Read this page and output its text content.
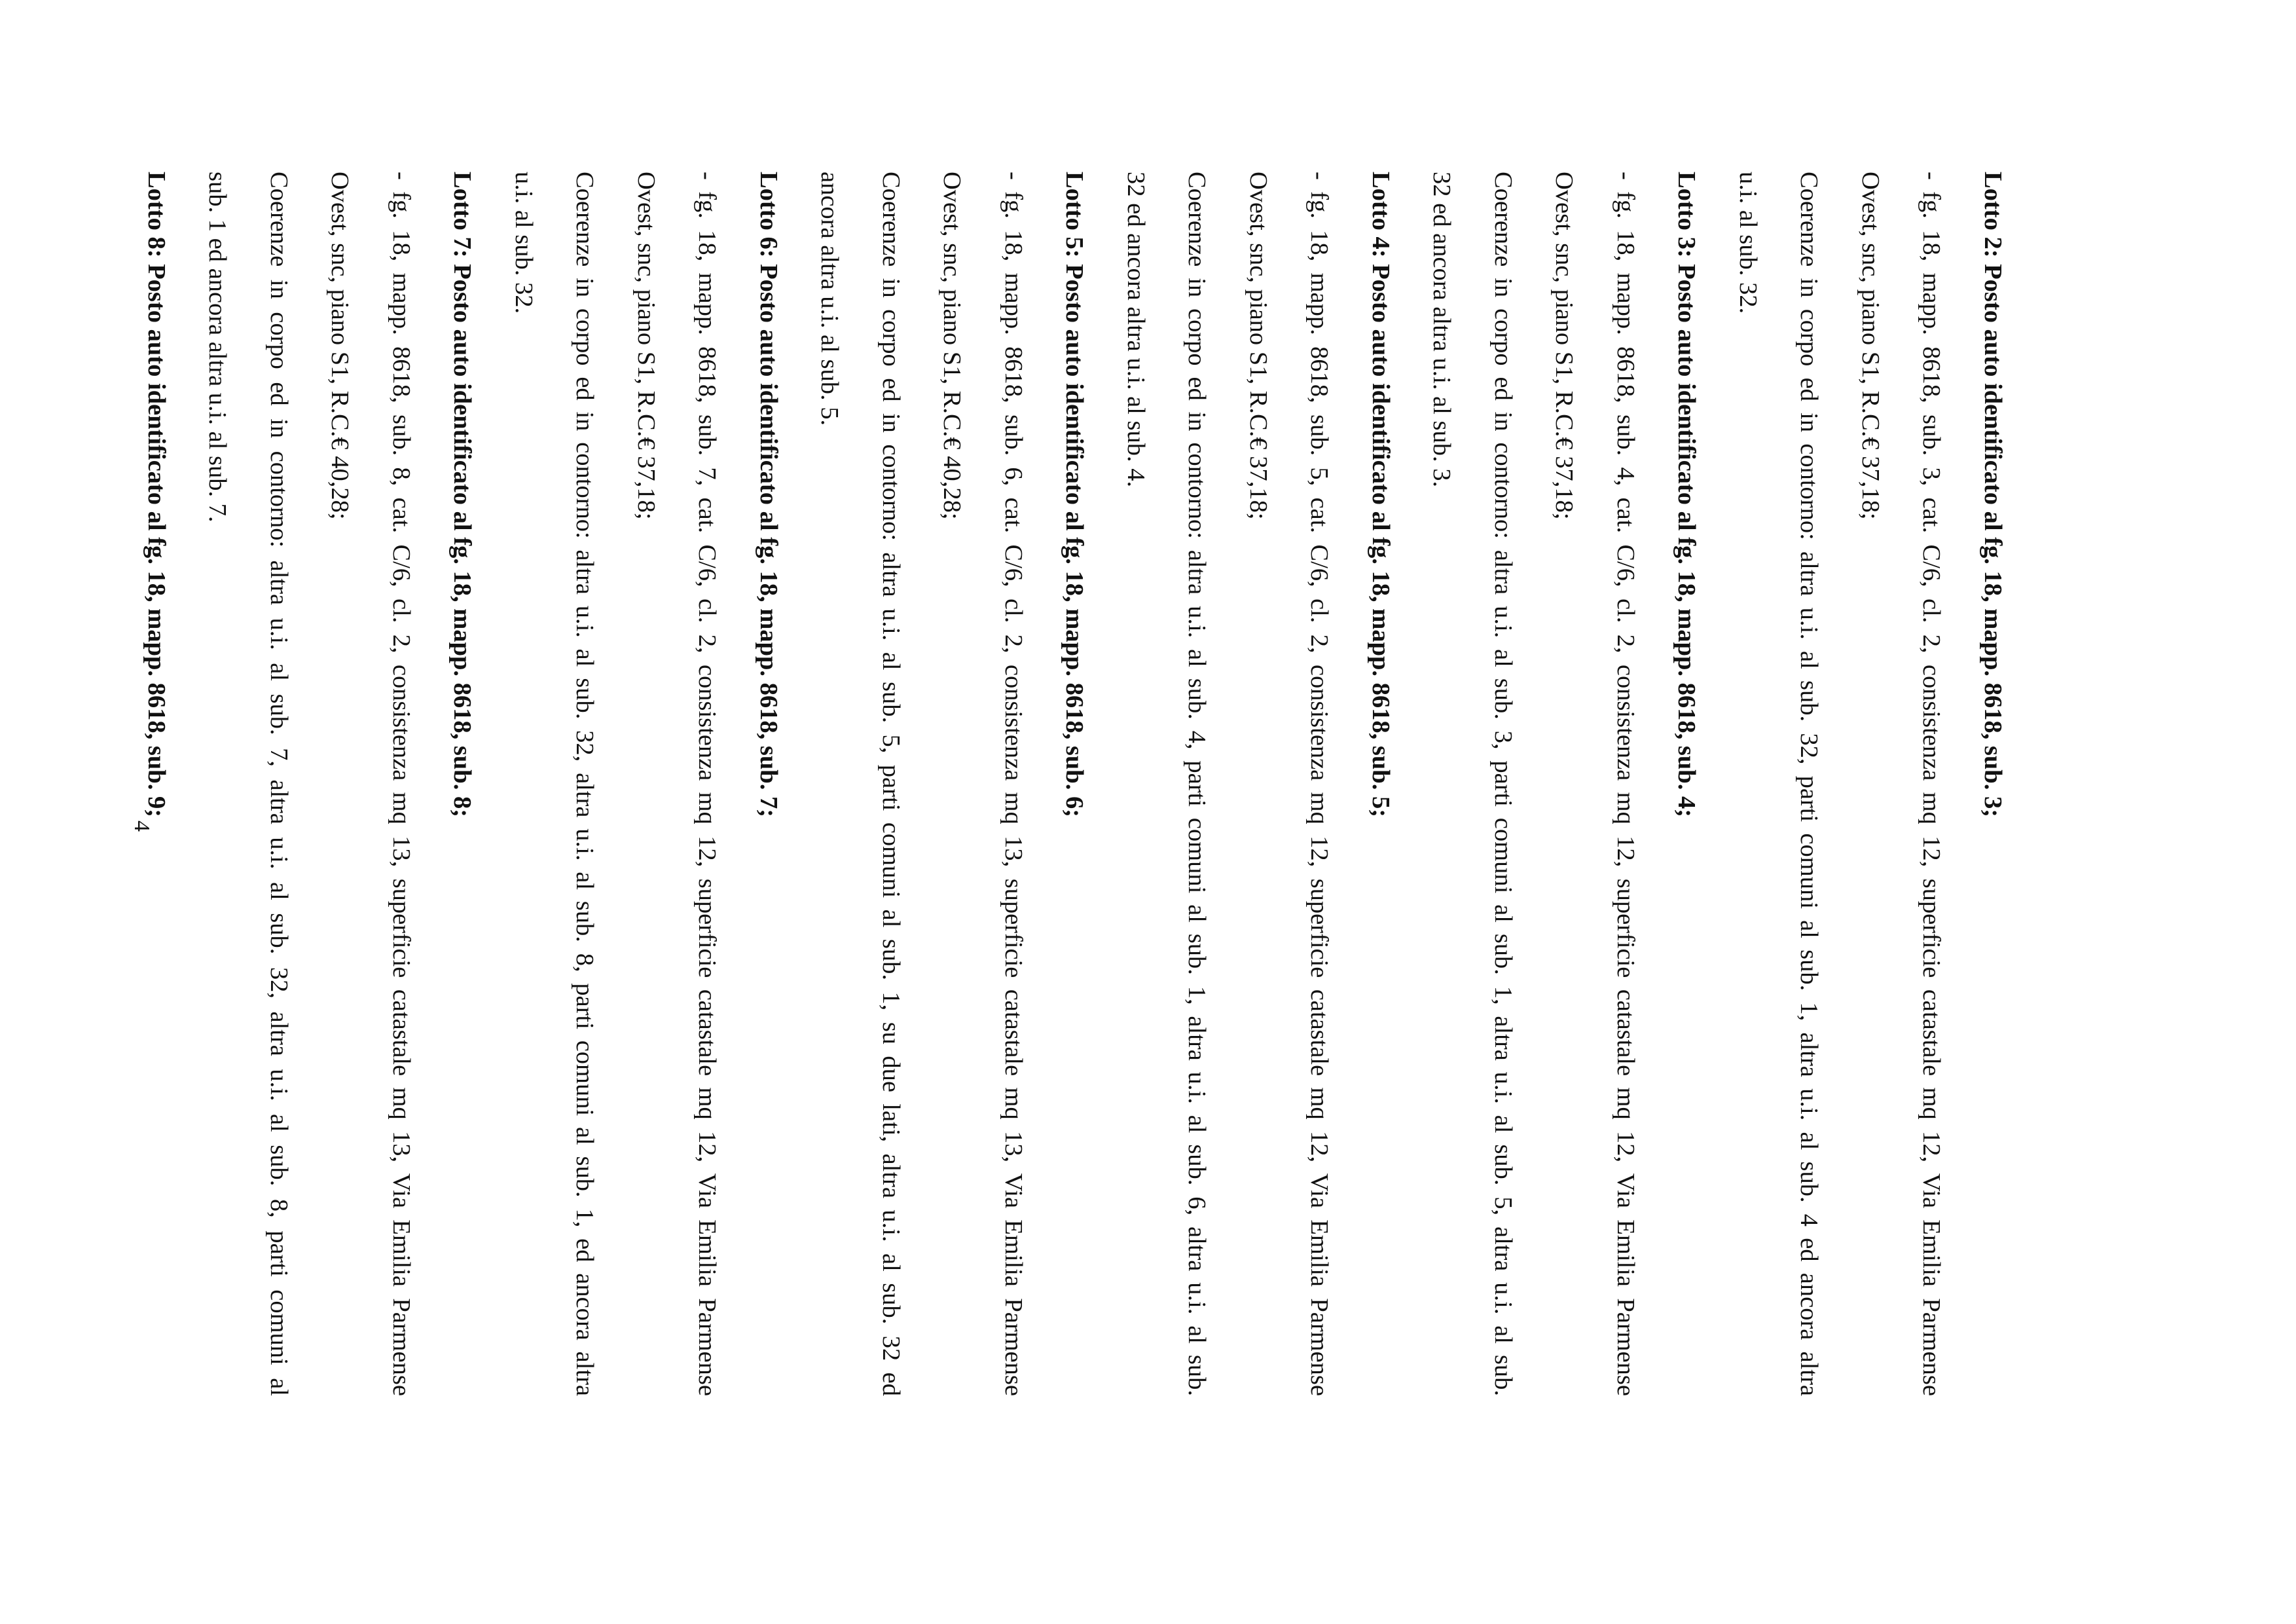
Lotto 2: Posto auto identificato al fg. 18, mapp. 8618, sub. 3;
- fg. 18, mapp. 8618, sub. 3, cat. C/6, cl. 2, consistenza mq 12, superficie catastale mq 12, Via Emilia Parmense
Ovest, snc, piano S1, R.C.€ 37,18;
Coerenze in corpo ed in contorno: altra u.i. al sub. 32, parti comuni al sub. 1, altra u.i. al sub. 4 ed ancora altra
u.i. al sub. 32.
Lotto 3: Posto auto identificato al fg. 18, mapp. 8618, sub. 4;
- fg. 18, mapp. 8618, sub. 4, cat. C/6, cl. 2, consistenza mq 12, superficie catastale mq 12, Via Emilia Parmense
Ovest, snc, piano S1, R.C.€ 37,18;
Coerenze in corpo ed in contorno: altra u.i. al sub. 3, parti comuni al sub. 1, altra u.i. al sub. 5, altra u.i. al sub.
32 ed ancora altra u.i. al sub. 3.
Lotto 4: Posto auto identificato al fg. 18, mapp. 8618, sub. 5;
- fg. 18, mapp. 8618, sub. 5, cat. C/6, cl. 2, consistenza mq 12, superficie catastale mq 12, Via Emilia Parmense
Ovest, snc, piano S1, R.C.€ 37,18;
Coerenze in corpo ed in contorno: altra u.i. al sub. 4, parti comuni al sub. 1, altra u.i. al sub. 6, altra u.i. al sub.
32 ed ancora altra u.i. al sub. 4.
Lotto 5: Posto auto identificato al fg. 18, mapp. 8618, sub. 6;
- fg. 18, mapp. 8618, sub. 6, cat. C/6, cl. 2, consistenza mq 13, superficie catastale mq 13, Via Emilia Parmense
Ovest, snc, piano S1, R.C.€ 40,28;
Coerenze in corpo ed in contorno: altra u.i. al sub. 5, parti comuni al sub. 1, su due lati, altra u.i. al sub. 32 ed
ancora altra u.i. al sub. 5.
Lotto 6: Posto auto identificato al fg. 18, mapp. 8618, sub. 7;
- fg. 18, mapp. 8618, sub. 7, cat. C/6, cl. 2, consistenza mq 12, superficie catastale mq 12, Via Emilia Parmense
Ovest, snc, piano S1, R.C.€ 37,18;
Coerenze in corpo ed in contorno: altra u.i. al sub. 32, altra u.i. al sub. 8, parti comuni al sub. 1, ed ancora altra
u.i. al sub. 32.
Lotto 7: Posto auto identificato al fg. 18, mapp. 8618, sub. 8;
- fg. 18, mapp. 8618, sub. 8, cat. C/6, cl. 2, consistenza mq 13, superficie catastale mq 13, Via Emilia Parmense
Ovest, snc, piano S1, R.C.€ 40,28;
Coerenze in corpo ed in contorno: altra u.i. al sub. 7, altra u.i. al sub. 32, altra u.i. al sub. 8, parti comuni al
sub. 1 ed ancora altra u.i. al sub. 7.
Lotto 8: Posto auto identificato al fg. 18, mapp. 8618, sub. 9;
4
